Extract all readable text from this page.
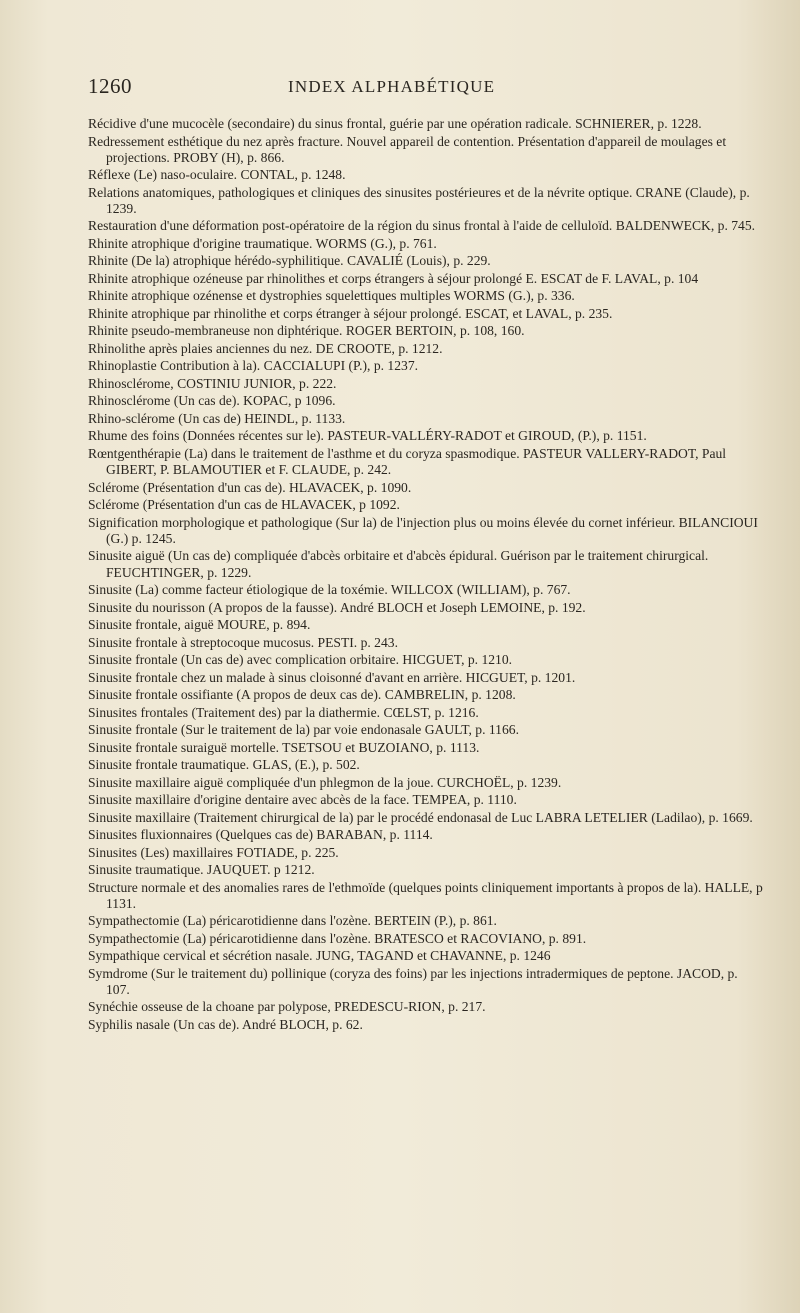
1260	INDEX ALPHABÉTIQUE

Récidive d'une mucocèle (secondaire) du sinus frontal, guérie par une opération radicale. SCHNIERER, p. 1228.

Redressement esthétique du nez après fracture. Nouvel appareil de contention. Présentation d'appareil de moulages et projections. PROBY (H), p. 866.

Réflexe (Le) naso-oculaire. CONTAL, p. 1248.

Relations anatomiques, pathologiques et cliniques des sinusites postérieures et de la névrite optique. CRANE (Claude), p. 1239.

Restauration d'une déformation post-opératoire de la région du sinus frontal à l'aide de celluloïd. BALDENWECK, p. 745.

Rhinite atrophique d'origine traumatique. WORMS (G.), p. 761.

Rhinite (De la) atrophique hérédo-syphilitique. CAVALIÉ (Louis), p. 229.

Rhinite atrophique ozéneuse par rhinolithes et corps étrangers à séjour prolongé E. ESCAT de F. LAVAL, p. 104

Rhinite atrophique ozénense et dystrophies squelettiques multiples WORMS (G.), p. 336.

Rhinite atrophique par rhinolithe et corps étranger à séjour prolongé. ESCAT, et LAVAL, p. 235.

Rhinite pseudo-membraneuse non diphtérique. ROGER BERTOIN, p. 108, 160.

Rhinolithe après plaies anciennes du nez. DE CROOTE, p. 1212.

Rhinoplastie Contribution à la). CACCIALUPI (P.), p. 1237.

Rhinosclérome, COSTINIU JUNIOR, p. 222.

Rhinosclérome (Un cas de). KOPAC, p 1096.

Rhino-sclérome (Un cas de) HEINDL, p. 1133.

Rhume des foins (Données récentes sur le). PASTEUR-VALLÉRY-RADOT et GIROUD, (P.), p. 1151.

Rœntgenthérapie (La) dans le traitement de l'asthme et du coryza spasmodique. PASTEUR VALLERY-RADOT, Paul GIBERT, P. BLAMOUTIER et F. CLAUDE, p. 242.

Sclérome (Présentation d'un cas de). HLAVACEK, p. 1090.

Sclérome (Présentation d'un cas de HLAVACEK, p 1092.

Signification morphologique et pathologique (Sur la) de l'injection plus ou moins élevée du cornet inférieur. BILANCIOUI (G.) p. 1245.

Sinusite aiguë (Un cas de) compliquée d'abcès orbitaire et d'abcès épidural. Guérison par le traitement chirurgical. FEUCHTINGER, p. 1229.

Sinusite (La) comme facteur étiologique de la toxémie. WILLCOX (WILLIAM), p. 767.

Sinusite du nourisson (A propos de la fausse). André BLOCH et Joseph LEMOINE, p. 192.

Sinusite frontale, aiguë MOURE, p. 894.

Sinusite frontale à streptocoque mucosus. PESTI. p. 243.

Sinusite frontale (Un cas de) avec complication orbitaire. HICGUET, p. 1210.

Sinusite frontale chez un malade à sinus cloisonné d'avant en arrière. HICGUET, p. 1201.

Sinusite frontale ossifiante (A propos de deux cas de). CAMBRELIN, p. 1208.

Sinusites frontales (Traitement des) par la diathermie. CŒLST, p. 1216.

Sinusite frontale (Sur le traitement de la) par voie endonasale GAULT, p. 1166.

Sinusite frontale suraiguë mortelle. TSETSOU et BUZOIANO, p. 1113.

Sinusite frontale traumatique. GLAS, (E.), p. 502.

Sinusite maxillaire aiguë compliquée d'un phlegmon de la joue. CURCHOËL, p. 1239.

Sinusite maxillaire d'origine dentaire avec abcès de la face. TEMPEA, p. 1110.

Sinusite maxillaire (Traitement chirurgical de la) par le procédé endonasal de Luc LABRA LETELIER (Ladilao), p. 1669.

Sinusites fluxionnaires (Quelques cas de) BARABAN, p. 1114.

Sinusites (Les) maxillaires FOTIADE, p. 225.

Sinusite traumatique. JAUQUET. p 1212.

Structure normale et des anomalies rares de l'ethmoïde (quelques points cliniquement importants à propos de la). HALLE, p 1131.

Sympathectomie (La) péricarotidienne dans l'ozène. BERTEIN (P.), p. 861.

Sympathectomie (La) péricarotidienne dans l'ozène. BRATESCO et RACOVIANO, p. 891.

Sympathique cervical et sécrétion nasale. JUNG, TAGAND et CHAVANNE, p. 1246

Symdrome (Sur le traitement du) pollinique (coryza des foins) par les injections intradermiques de peptone. JACOD, p. 107.

Synéchie osseuse de la choane par polypose, PREDESCU-RION, p. 217.

Syphilis nasale (Un cas de). André BLOCH, p. 62.
